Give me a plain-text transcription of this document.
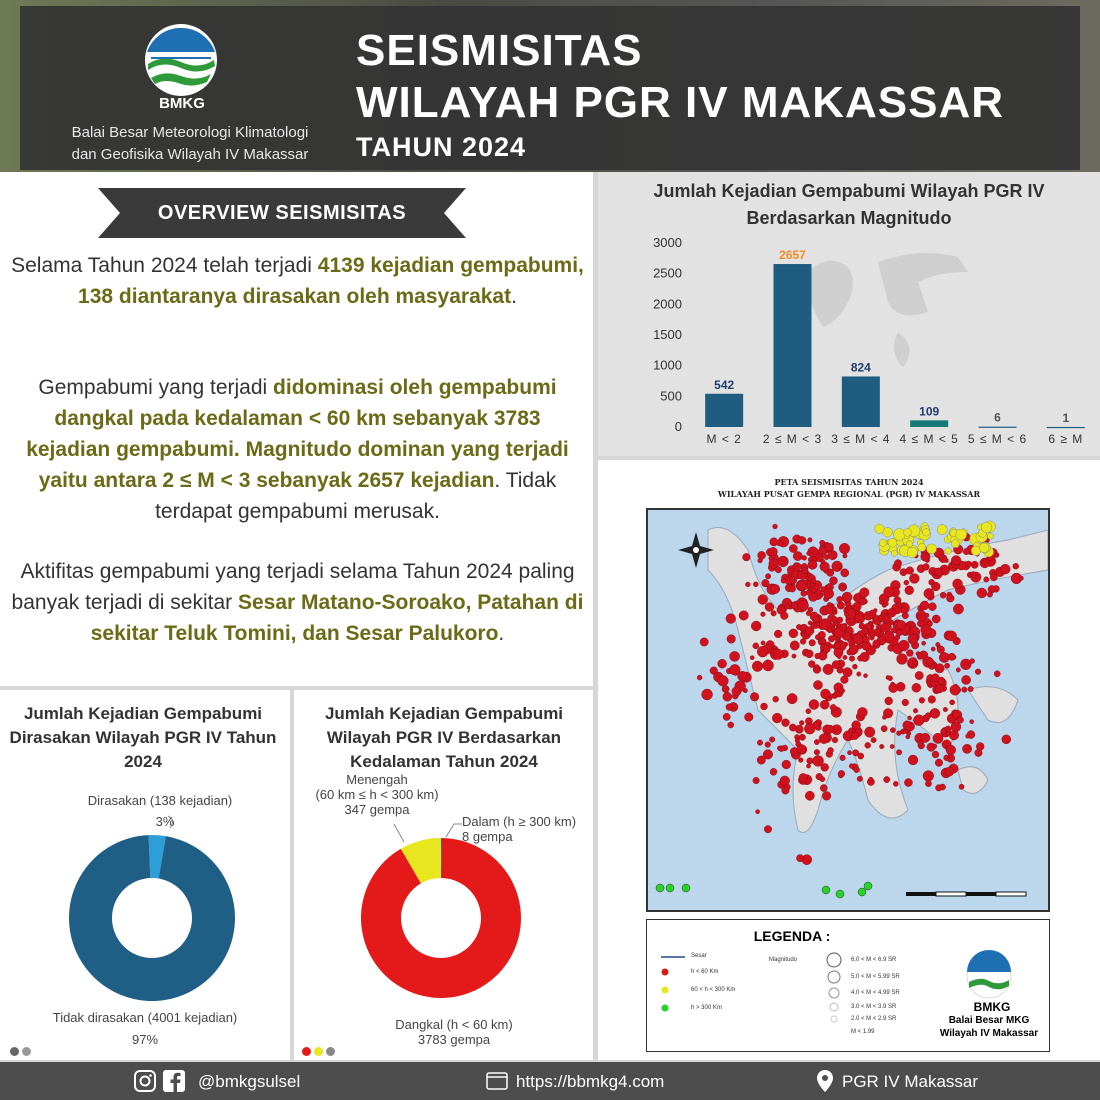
BMKG
Balai Besar Meteorologi Klimatologi
dan Geofisika Wilayah IV Makassar
SEISMISITAS
WILAYAH PGR IV MAKASSAR
TAHUN 2024
OVERVIEW SEISMISITAS
Selama Tahun 2024 telah terjadi 4139 kejadian gempabumi, 138 diantaranya dirasakan oleh masyarakat.
Gempabumi yang terjadi didominasi oleh gempabumi dangkal pada kedalaman < 60 km sebanyak 3783 kejadian gempabumi. Magnitudo dominan yang terjadi yaitu antara 2 ≤ M < 3 sebanyak 2657 kejadian. Tidak terdapat gempabumi merusak.
Aktifitas gempabumi yang terjadi selama Tahun 2024 paling banyak terjadi di sekitar Sesar Matano-Soroako, Patahan di sekitar Teluk Tomini, dan Sesar Palukoro.
Jumlah Kejadian Gempabumi Wilayah PGR IV Berdasarkan Magnitudo
0
500
1000
1500
2000
2500
3000
542
M < 2
2657
2 ≤ M < 3
824
3 ≤ M < 4
109
4 ≤ M < 5
6
5 ≤ M < 6
1
6 ≥ M
PETA SEISMISITAS TAHUN 2024
WILAYAH PUSAT GEMPA REGIONAL (PGR) IV MAKASSAR
LEGENDA :
Sesar
h < 60 Km
60 < h < 300 Km
h > 300 Km
Magnitudo	6.0 < M < 6.9 SR
5.0 < M < 5.99 SR
4.0 < M < 4.99 SR
3.0 < M < 3.9 SR
2.0 < M < 2.9 SR
M < 1.99
BMKG
Balai Besar MKG
Wilayah IV Makassar
Jumlah Kejadian Gempabumi Dirasakan Wilayah PGR IV Tahun 2024
Dirasakan (138 kejadian)
3%
Tidak dirasakan (4001 kejadian)
97%
Jumlah Kejadian Gempabumi Wilayah PGR IV Berdasarkan Kedalaman Tahun 2024
Menengah
(60 km ≤ h < 300 km)
347 gempa
Dalam (h ≥ 300 km)
8 gempa
Dangkal (h < 60 km)
3783 gempa
@bmkgsulsel	https://bbmkg4.com	PGR IV Makassar
